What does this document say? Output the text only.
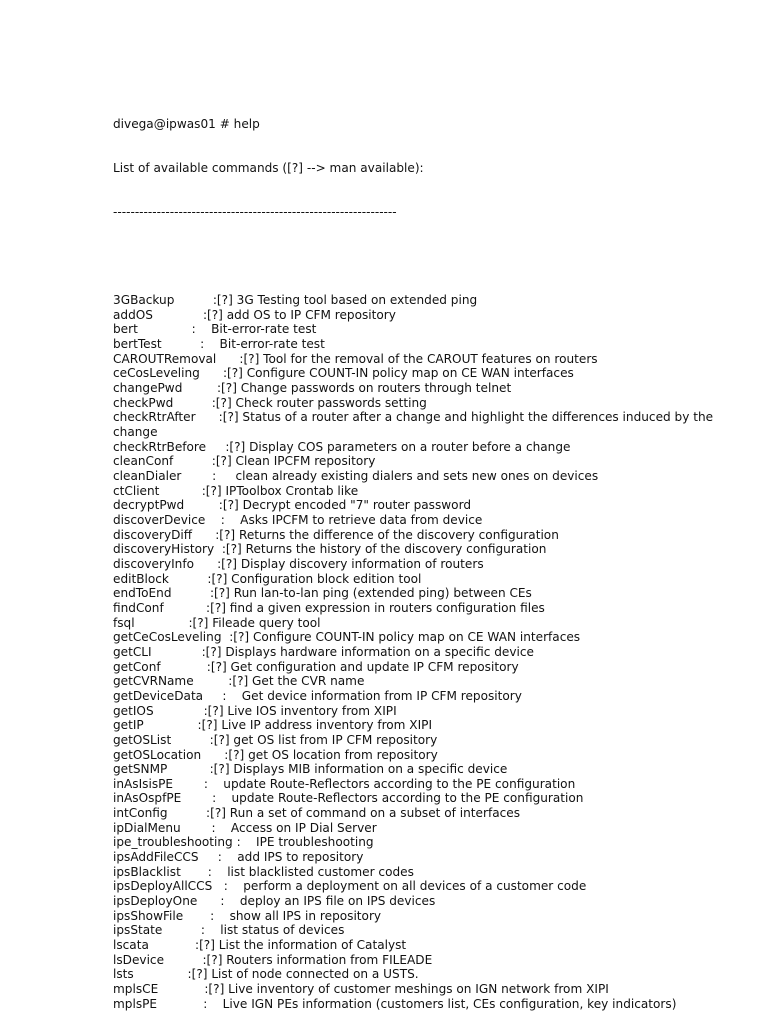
divega@ipwas01 # help

List of available commands ([?] --> man available):

-----------------------------------------------------------------

3GBackup	:[?] 3G Testing tool based on extended ping
addOS	:[?] add OS to IP CFM repository
bert	:    Bit-error-rate test
bertTest	:    Bit-error-rate test
CAROUTRemoval :[?] Tool for the removal of the CAROUT features on routers
ceCosLeveling :[?] Configure COUNT-IN policy map on CE WAN interfaces
changePwd	:[?] Change passwords on routers through telnet
checkPwd	:[?] Check router passwords setting
checkRtrAfter :[?] Status of a router after a change and highlight the differences induced by the change
checkRtrBefore :[?] Display COS parameters on a router before a change
cleanConf	:[?] Clean IPCFM repository
cleanDialer	:     clean already existing dialers and sets new ones on devices
ctClient	:[?] IPToolbox Crontab like
decryptPwd	:[?] Decrypt encoded "7" router password
discoverDevice :    Asks IPCFM to retrieve data from device
discoveryDiff :[?] Returns the difference of the discovery configuration
discoveryHistory :[?] Returns the history of the discovery configuration
discoveryInfo :[?] Display discovery information of routers
editBlock	:[?] Configuration block edition tool
endToEnd	:[?] Run lan-to-lan ping (extended ping) between CEs
findConf	:[?] find a given expression in routers configuration files
fsql	:[?] Fileade query tool
getCeCosLeveling :[?] Configure COUNT-IN policy map on CE WAN interfaces
getCLI	:[?] Displays hardware information on a specific device
getConf	:[?] Get configuration and update IP CFM repository
getCVRName	:[?] Get the CVR name
getDeviceData :    Get device information from IP CFM repository
getIOS	:[?] Live IOS inventory from XIPI
getIP	:[?] Live IP address inventory from XIPI
getOSList	:[?] get OS list from IP CFM repository
getOSLocation :[?] get OS location from repository
getSNMP	:[?] Displays MIB information on a specific device
inAsIsisPE	:    update Route-Reflectors according to the PE configuration
inAsOspfPE	:    update Route-Reflectors according to the PE configuration
intConfig	:[?] Run a set of command on a subset of interfaces
ipDialMenu	:    Access on IP Dial Server
ipe_troubleshooting :    IPE troubleshooting
ipsAddFileCCS :    add IPS to repository
ipsBlacklist :    list blacklisted customer codes
ipsDeployAllCCS :    perform a deployment on all devices of a customer code
ipsDeployOne :    deploy an IPS file on IPS devices
ipsShowFile :    show all IPS in repository
ipsState	:    list status of devices
lscata	:[?] List the information of Catalyst
lsDevice	:[?] Routers information from FILEADE
lsts	:[?] List of node connected on a USTS.
mplsCE	:[?] Live inventory of customer meshings on IGN network from XIPI
mplsPE	:    Live IGN PEs information (customers list, CEs configuration, key indicators)
